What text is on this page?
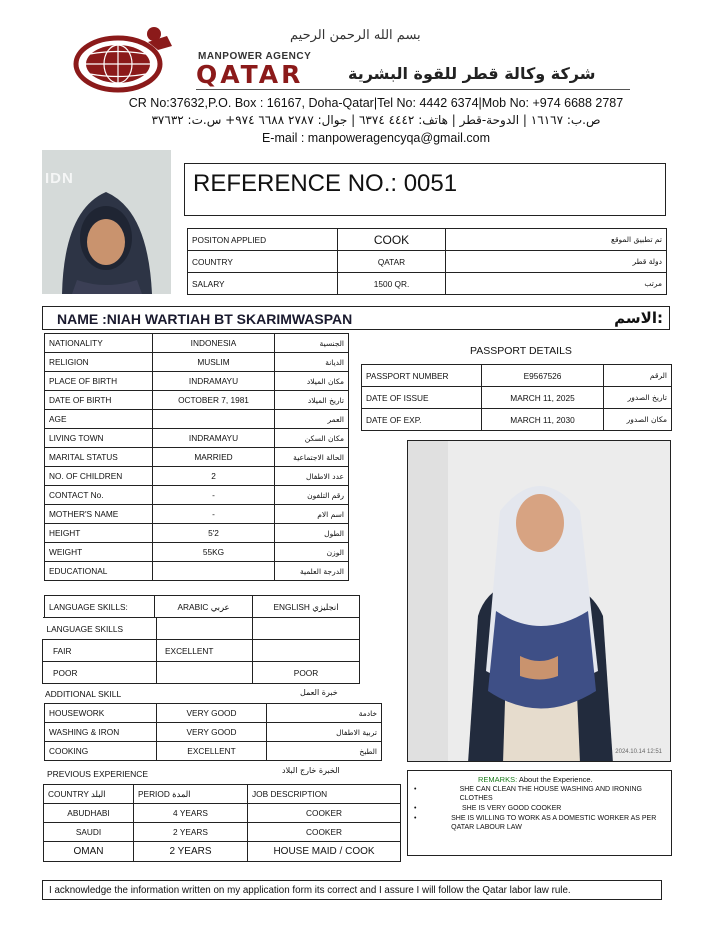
بسم الله الرحمن الرحيم
MANPOWER AGENCY
QATAR	شركة وكالة قطر للقوة البشرية
CR No:37632,P.O. Box : 16167, Doha-Qatar|Tel No: 4442 6374|Mob No: +974 6688 2787
ص.ب: ١٦١٦٧ | الدوحة-قطر | هاتف: ٤٤٤٢ ٦٣٧٤ | جوال: ٢٧٨٧ ٦٦٨٨ ٩٧٤+ س.ت: ٣٧٦٣٢
E-mail : manpoweragencyqa@gmail.com
IDN	REFERENCE NO.: 0051
POSITON APPLIED	COOK	تم تطبيق الموقع
COUNTRY	QATAR	دولة قطر
SALARY	1500 QR.	مرتب
NAME :NIAH WARTIAH BT SKARIMWASPAN	الاسم:
NATIONALITY	INDONESIA	الجنسية
RELIGION	MUSLIM	الديانة
PLACE OF BIRTH	INDRAMAYU	مكان الميلاد
DATE OF BIRTH	OCTOBER 7, 1981	تاريخ الميلاد
AGE		العمر
LIVING TOWN	INDRAMAYU	مكان السكن
MARITAL STATUS	MARRIED	الحالة الاجتماعية
NO. OF CHILDREN	2	عدد الاطفال
CONTACT No.	-	رقم التلفون
MOTHER'S NAME	-	اسم الام
HEIGHT	5'2	الطول
WEIGHT	55KG	الوزن
EDUCATIONAL		الدرجة العلمية
PASSPORT DETAILS
PASSPORT NUMBER	E9567526	الرقم
DATE OF ISSUE	MARCH 11, 2025	تاريخ الصدور
DATE OF EXP.	MARCH 11, 2030	مكان الصدور
2024.10.14 12:51
LANGUAGE SKILLS:	ARABIC عربي	ENGLISH انجليزي
LANGUAGE SKILLS		
FAIR	EXCELLENT	
POOR		POOR
ADDITIONAL SKILL	خبرة العمل
HOUSEWORK	VERY GOOD	خادمة
WASHING & IRON	VERY GOOD	تربية الاطفال
COOKING	EXCELLENT	الطبخ
PREVIOUS EXPERIENCE	الخبرة خارج البلاد
COUNTRY البلد	PERIOD المدة	JOB DESCRIPTION
ABUDHABI	4 YEARS	COOKER
SAUDI	2 YEARS	COOKER
OMAN	2 YEARS	HOUSE MAID / COOK
REMARKS: About the Experience.
•	SHE CAN CLEAN THE HOUSE WASHING AND IRONING CLOTHES
•	SHE IS VERY GOOD COOKER
•	SHE IS WILLING TO WORK AS A DOMESTIC WORKER AS PER QATAR LABOUR LAW
I acknowledge the information written on my application form its correct and I assure I will follow the Qatar labor law rule.
